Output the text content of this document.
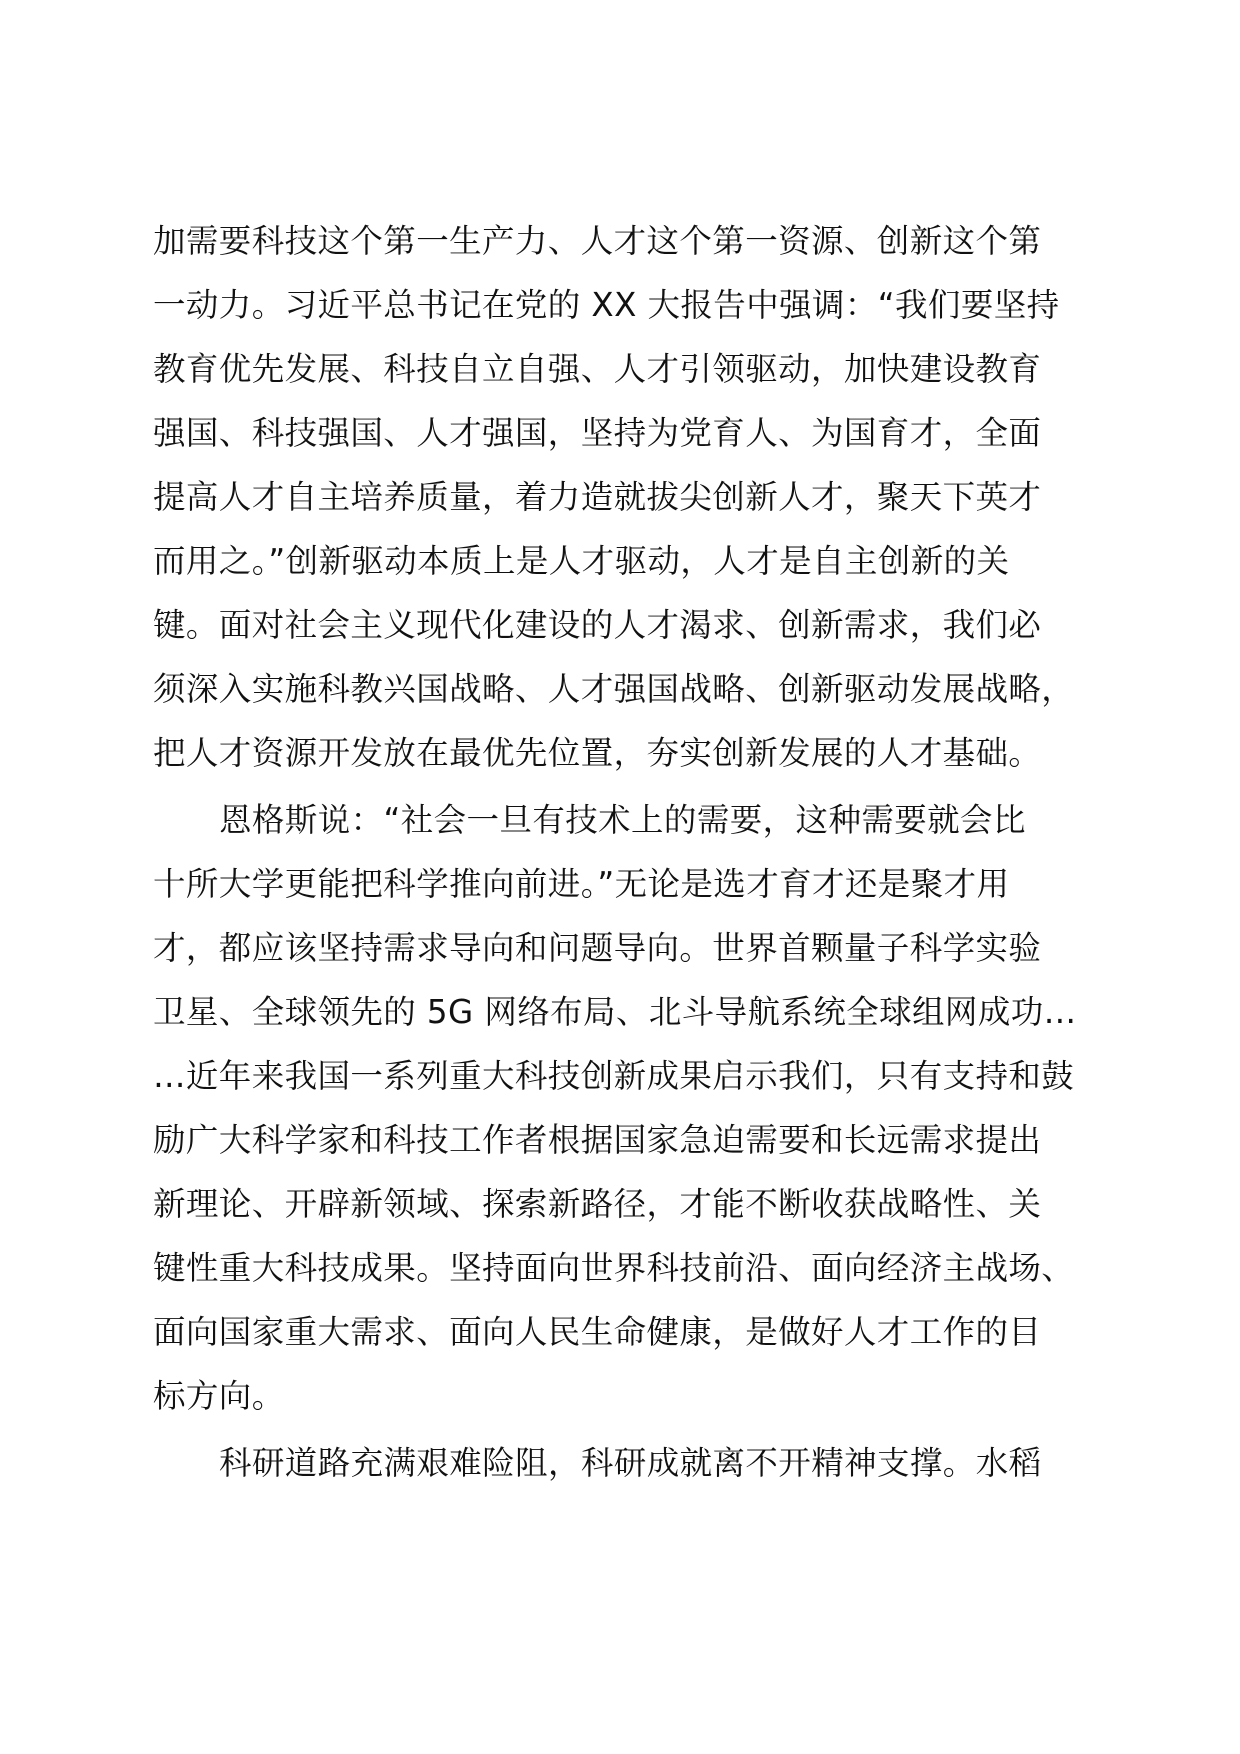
加需要科技这个第一生产力、人才这个第一资源、创新这个第
一动力。习近平总书记在党的 XX 大报告中强调：“我们要坚持
教育优先发展、科技自立自强、人才引领驱动，加快建设教育
强国、科技强国、人才强国，坚持为党育人、为国育才，全面
提高人才自主培养质量，着力造就拔尖创新人才，聚天下英才
而用之。”创新驱动本质上是人才驱动，人才是自主创新的关
键。面对社会主义现代化建设的人才渴求、创新需求，我们必
须深入实施科教兴国战略、人才强国战略、创新驱动发展战略，
把人才资源开发放在最优先位置，夯实创新发展的人才基础。
恩格斯说：“社会一旦有技术上的需要，这种需要就会比
十所大学更能把科学推向前进。”无论是选才育才还是聚才用
才，都应该坚持需求导向和问题导向。世界首颗量子科学实验
卫星、全球领先的 5G 网络布局、北斗导航系统全球组网成功…
…近年来我国一系列重大科技创新成果启示我们，只有支持和鼓
励广大科学家和科技工作者根据国家急迫需要和长远需求提出
新理论、开辟新领域、探索新路径，才能不断收获战略性、关
键性重大科技成果。坚持面向世界科技前沿、面向经济主战场、
面向国家重大需求、面向人民生命健康，是做好人才工作的目
标方向。
科研道路充满艰难险阻，科研成就离不开精神支撑。水稻
